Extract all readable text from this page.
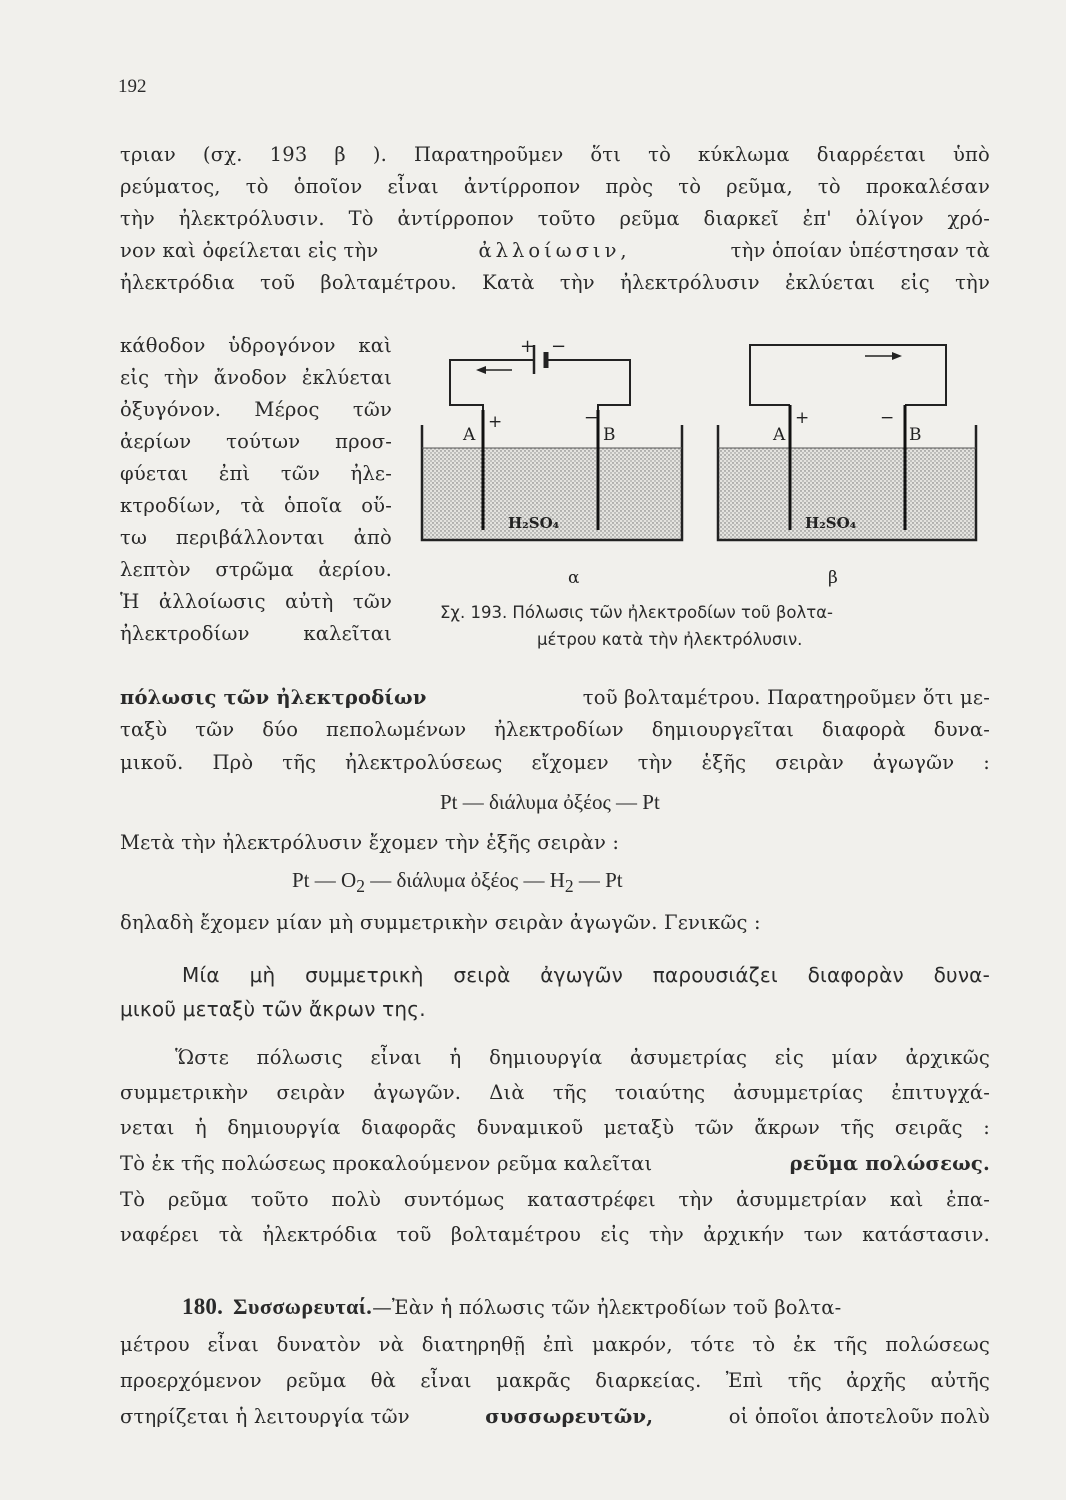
192
τριαν (σχ. 193 β ). Παρατηροῦμεν ὅτι τὸ κύκλωμα διαρρέεται ὑπὸ
ρεύματος, τὸ ὁποῖον εἶναι ἀντίρροπον πρὸς τὸ ρεῦμα, τὸ προκαλέσαν
τὴν ἠλεκτρόλυσιν. Τὸ ἀντίρροπον τοῦτο ρεῦμα διαρκεῖ ἐπ' ὀλίγον χρό-
νον καὶ ὀφείλεται εἰς τὴν	ἀλλοίωσιν,	τὴν ὁποίαν ὑπέστησαν τὰ
ἠλεκτρόδια τοῦ βολταμέτρου. Κατὰ τὴν ἠλεκτρόλυσιν ἐκλύεται εἰς τὴν
κάθοδον ὑδρογόνον καὶ
εἰς τὴν ἄνοδον ἐκλύεται
ὀξυγόνον. Μέρος τῶν
ἀερίων τούτων προσ-
φύεται ἐπὶ τῶν ἠλε-
κτροδίων, τὰ ὁποῖα οὕ-
τω περιβάλλονται ἀπὸ
λεπτὸν στρῶμα ἀερίου.
Ἡ ἀλλοίωσις αὐτὴ τῶν
ἠλεκτροδίων καλεῖται
+ −
A
+	−
B
H₂SO₄
α
A
+	−
B
H₂SO₄
β
Σχ. 193. Πόλωσις τῶν ἠλεκτροδίων τοῦ βολτα-
μέτρου κατὰ τὴν ἠλεκτρόλυσιν.
πόλωσις τῶν ἠλεκτροδίων	τοῦ βολταμέτρου. Παρατηροῦμεν ὅτι με-
ταξὺ τῶν δύο πεπολωμένων ἠλεκτροδίων δημιουργεῖται διαφορὰ δυνα-
μικοῦ. Πρὸ τῆς ἠλεκτρολύσεως εἴχομεν τὴν ἑξῆς σειρὰν ἀγωγῶν :
Pt — διάλυμα ὀξέος — Pt
Μετὰ τὴν ἠλεκτρόλυσιν ἔχομεν τὴν ἑξῆς σειρὰν :
Pt — $O_2$ — διάλυμα ὀξέος — $H_2$ — Pt
δηλαδὴ ἔχομεν μίαν μὴ συμμετρικὴν σειρὰν ἀγωγῶν. Γενικῶς :
Μία μὴ συμμετρικὴ σειρὰ ἀγωγῶν παρουσιάζει διαφορὰν δυνα-
μικοῦ μεταξὺ τῶν ἄκρων της.
Ὥστε πόλωσις εἶναι ἡ δημιουργία ἀσυμετρίας εἰς μίαν ἀρχικῶς
συμμετρικὴν σειρὰν ἀγωγῶν. Διὰ τῆς τοιαύτης ἀσυμμετρίας ἐπιτυγχά-
νεται ἡ δημιουργία διαφορᾶς δυναμικοῦ μεταξὺ τῶν ἄκρων τῆς σειρᾶς :
Τὸ ἐκ τῆς πολώσεως προκαλούμενον ρεῦμα καλεῖται	ρεῦμα πολώσεως.
Τὸ ρεῦμα τοῦτο πολὺ συντόμως καταστρέφει τὴν ἀσυμμετρίαν καὶ ἐπα-
ναφέρει τὰ ἠλεκτρόδια τοῦ βολταμέτρου εἰς τὴν ἀρχικήν των κατάστασιν.
180. Συσσωρευταί. —Ἐὰν ἡ πόλωσις τῶν ἠλεκτροδίων τοῦ βολτα-
μέτρου εἶναι δυνατὸν νὰ διατηρηθῇ ἐπὶ μακρόν, τότε τὸ ἐκ τῆς πολώσεως
προερχόμενον ρεῦμα θὰ εἶναι μακρᾶς διαρκείας. Ἐπὶ τῆς ἀρχῆς αὐτῆς
στηρίζεται ἡ λειτουργία τῶν	συσσωρευτῶν,	οἱ ὁποῖοι ἀποτελοῦν πολὺ
